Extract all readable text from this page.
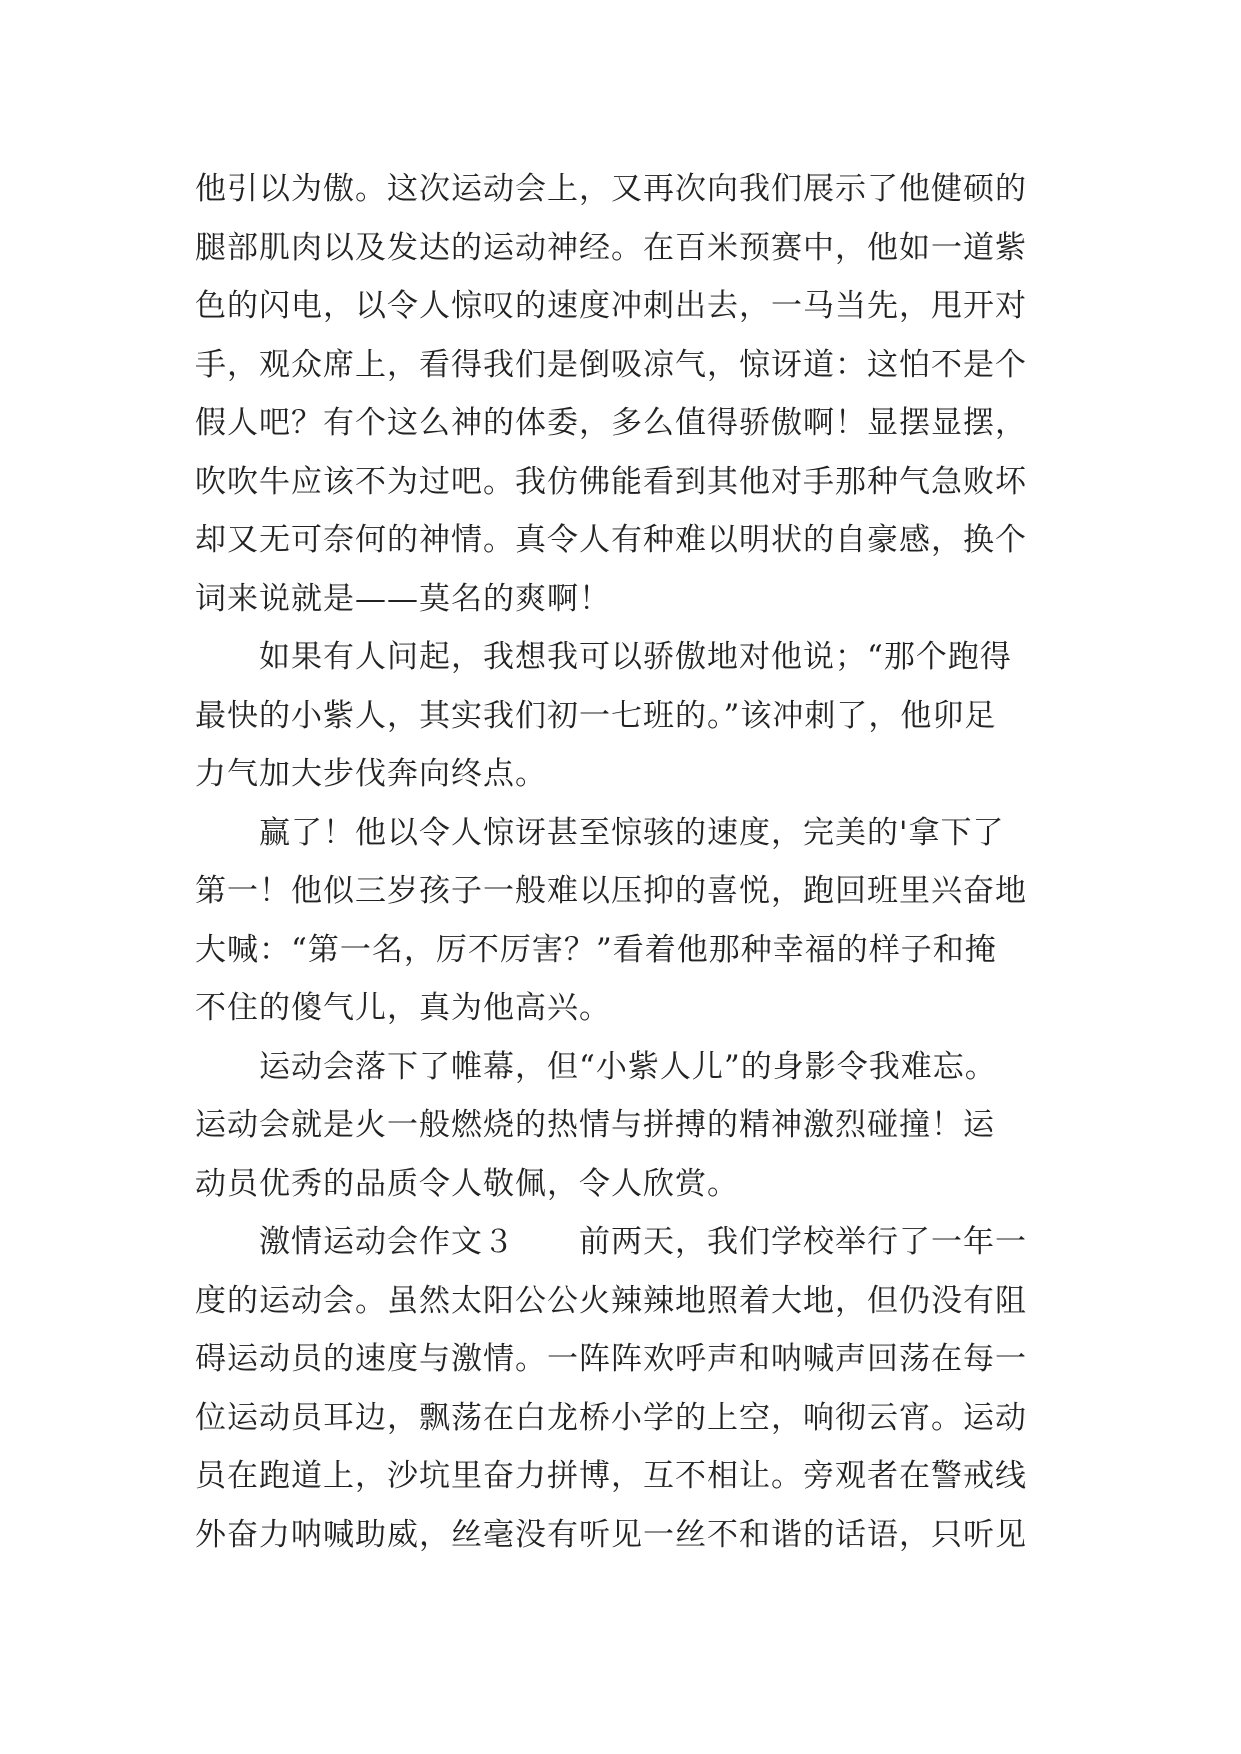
他引以为傲。这次运动会上，又再次向我们展示了他健硕的
腿部肌肉以及发达的运动神经。在百米预赛中，他如一道紫
色的闪电，以令人惊叹的速度冲刺出去，一马当先，甩开对
手，观众席上，看得我们是倒吸凉气，惊讶道：这怕不是个
假人吧？有个这么神的体委，多么值得骄傲啊！显摆显摆，
吹吹牛应该不为过吧。我仿佛能看到其他对手那种气急败坏
却又无可奈何的神情。真令人有种难以明状的自豪感，换个
词来说就是——莫名的爽啊！
　　如果有人问起，我想我可以骄傲地对他说；“那个跑得
最快的小紫人，其实我们初一七班的。”该冲刺了，他卯足
力气加大步伐奔向终点。
　　赢了！他以令人惊讶甚至惊骇的速度，完美的'拿下了
第一！他似三岁孩子一般难以压抑的喜悦，跑回班里兴奋地
大喊：“第一名，厉不厉害？”看着他那种幸福的样子和掩
不住的傻气儿，真为他高兴。
　　运动会落下了帷幕，但“小紫人儿”的身影令我难忘。
运动会就是火一般燃烧的热情与拼搏的精神激烈碰撞！运
动员优秀的品质令人敬佩，令人欣赏。
　　激情运动会作文３　　前两天，我们学校举行了一年一
度的运动会。虽然太阳公公火辣辣地照着大地，但仍没有阻
碍运动员的速度与激情。一阵阵欢呼声和呐喊声回荡在每一
位运动员耳边，飘荡在白龙桥小学的上空，响彻云宵。运动
员在跑道上，沙坑里奋力拼博，互不相让。旁观者在警戒线
外奋力呐喊助威，丝毫没有听见一丝不和谐的话语，只听见
